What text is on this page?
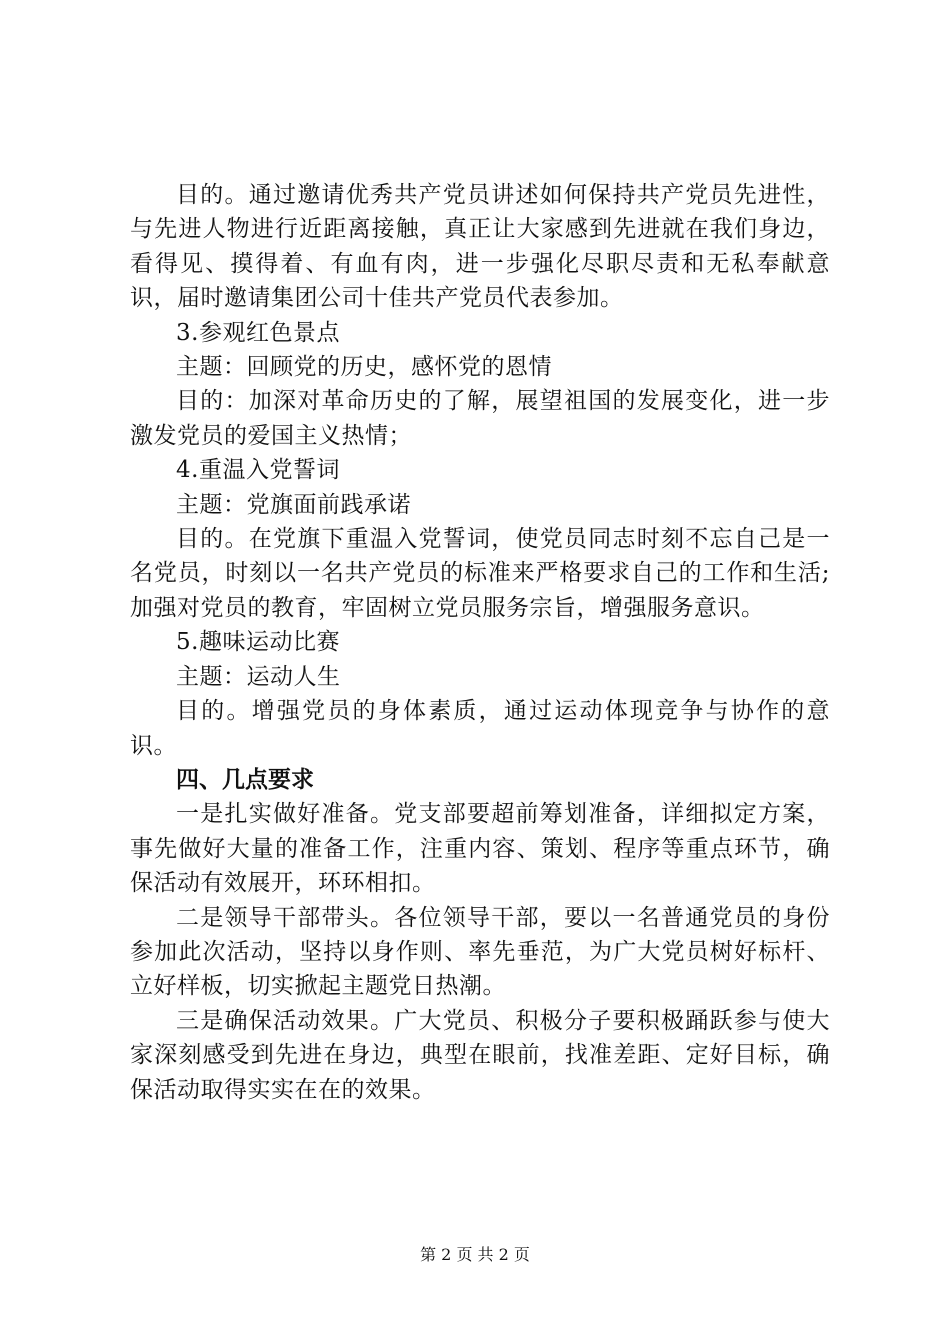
目的。通过邀请优秀共产党员讲述如何保持共产党员先进性，与先进人物进行近距离接触，真正让大家感到先进就在我们身边，看得见、摸得着、有血有肉，进一步强化尽职尽责和无私奉献意识，届时邀请集团公司十佳共产党员代表参加。

3.参观红色景点

主题：回顾党的历史，感怀党的恩情

目的：加深对革命历史的了解，展望祖国的发展变化，进一步激发党员的爱国主义热情；

4.重温入党誓词

主题：党旗面前践承诺

目的。在党旗下重温入党誓词，使党员同志时刻不忘自己是一名党员，时刻以一名共产党员的标准来严格要求自己的工作和生活;加强对党员的教育，牢固树立党员服务宗旨，增强服务意识。

5.趣味运动比赛

主题：运动人生

目的。增强党员的身体素质，通过运动体现竞争与协作的意识。

四、几点要求

一是扎实做好准备。党支部要超前筹划准备，详细拟定方案，事先做好大量的准备工作，注重内容、策划、程序等重点环节，确保活动有效展开，环环相扣。

二是领导干部带头。各位领导干部，要以一名普通党员的身份参加此次活动，坚持以身作则、率先垂范，为广大党员树好标杆、立好样板，切实掀起主题党日热潮。

三是确保活动效果。广大党员、积极分子要积极踊跃参与使大家深刻感受到先进在身边，典型在眼前，找准差距、定好目标，确保活动取得实实在在的效果。

第 2 页 共 2 页
